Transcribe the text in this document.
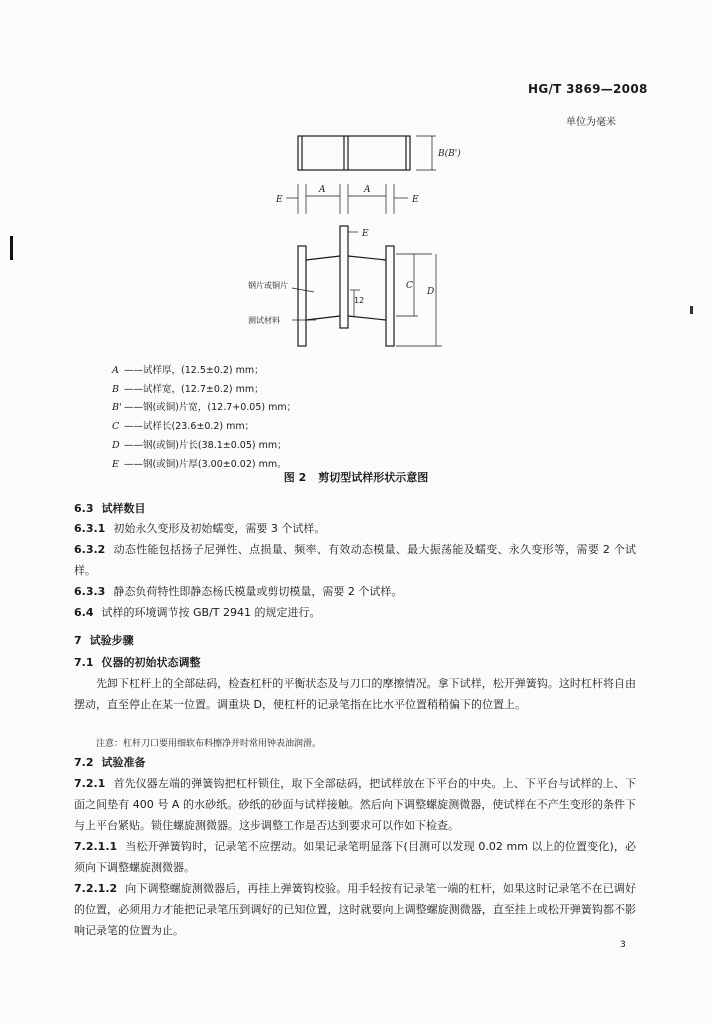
HG/T 3869—2008
单位为毫米
B(B')
A	A
E	E
E
C
D
12
钢片或铜片
测试材料
A ——试样厚，(12.5±0.2) mm；
B ——试样宽，(12.7±0.2) mm；
B' ——钢(或铜)片宽，(12.7+0.05) mm；
C ——试样长(23.6±0.2) mm；
D ——钢(或铜)片长(38.1±0.05) mm；
E ——钢(或铜)片厚(3.00±0.02) mm。
图 2 剪切型试样形状示意图
6.3 试样数目
6.3.1 初始永久变形及初始蠕变，需要 3 个试样。
6.3.2 动态性能包括扬子尼弹性、点损量、频率、有效动态模量、最大振荡能及蠕变、永久变形等，需要 2 个试样。
6.3.3 静态负荷特性即静态杨氏模量或剪切模量，需要 2 个试样。
6.4 试样的环境调节按 GB/T 2941 的规定进行。
7 试验步骤
7.1 仪器的初始状态调整
先卸下杠杆上的全部砝码，检查杠杆的平衡状态及与刀口的摩擦情况。拿下试样，松开弹簧钩。这时杠杆将自由摆动，直至停止在某一位置。调重块 D，使杠杆的记录笔指在比水平位置稍稍偏下的位置上。
注意：杠杆刀口要用细软布料擦净并时常用钟表油润滑。
7.2 试验准备
7.2.1 首先仪器左端的弹簧钩把杠杆锁住，取下全部砝码，把试样放在下平台的中央。上、下平台与试样的上、下面之间垫有 400 号 A 的水砂纸。砂纸的砂面与试样接触。然后向下调整螺旋测微器，使试样在不产生变形的条件下与上平台紧贴。锁住螺旋测微器。这步调整工作是否达到要求可以作如下检查。
7.2.1.1 当松开弹簧钩时，记录笔不应摆动。如果记录笔明显落下(目测可以发现 0.02 mm 以上的位置变化)，必须向下调整螺旋测微器。
7.2.1.2 向下调整螺旋测微器后，再挂上弹簧钩校验。用手轻按有记录笔一端的杠杆，如果这时记录笔不在已调好的位置，必须用力才能把记录笔压到调好的已知位置，这时就要向上调整螺旋测微器，直至挂上或松开弹簧钩都不影响记录笔的位置为止。
3
